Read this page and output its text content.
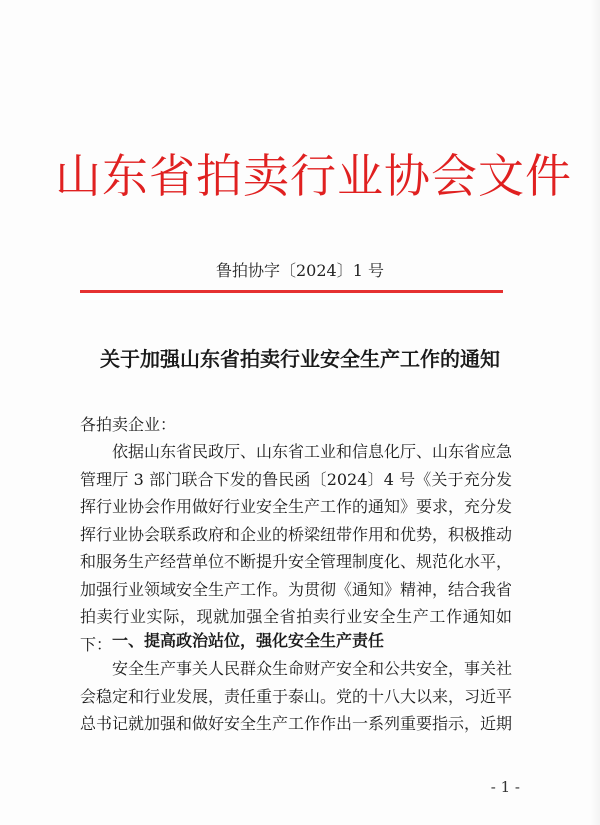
山东省拍卖行业协会文件
鲁拍协字〔2024〕1 号
关于加强山东省拍卖行业安全生产工作的通知
各拍卖企业：
依据山东省民政厅、山东省工业和信息化厅、山东省应急管理厅 3 部门联合下发的鲁民函〔2024〕4 号《关于充分发挥行业协会作用做好行业安全生产工作的通知》要求，充分发挥行业协会联系政府和企业的桥梁纽带作用和优势，积极推动和服务生产经营单位不断提升安全管理制度化、规范化水平，加强行业领域安全生产工作。为贯彻《通知》精神，结合我省拍卖行业实际，现就加强全省拍卖行业安全生产工作通知如下： 一、提高政治站位，强化安全生产责任
安全生产事关人民群众生命财产安全和公共安全，事关社会稳定和行业发展，责任重于泰山。党的十八大以来，习近平总书记就加强和做好安全生产工作作出一系列重要指示，近期
- 1 -
